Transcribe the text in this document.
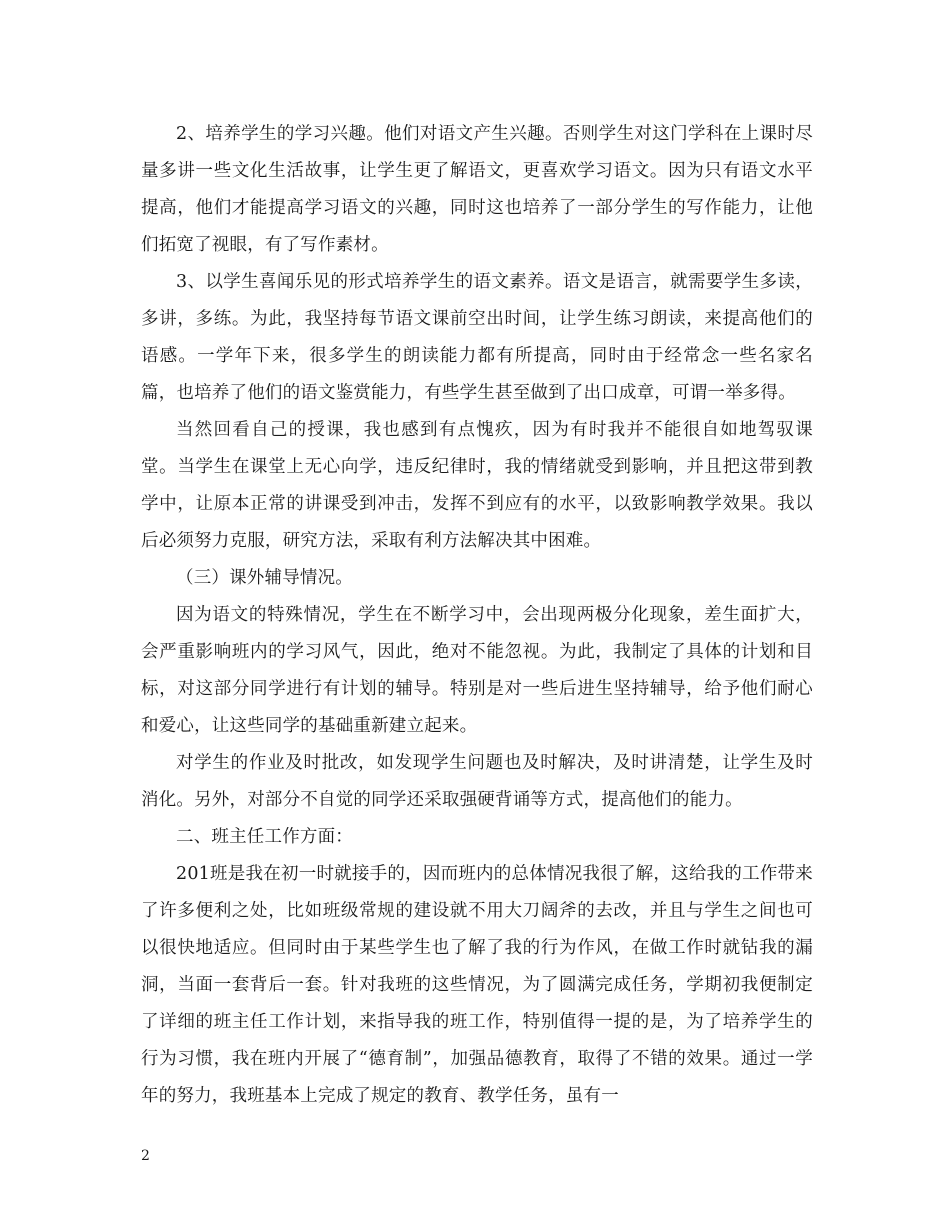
2、培养学生的学习兴趣。他们对语文产生兴趣。否则学生对这门学科在上课时尽量多讲一些文化生活故事，让学生更了解语文，更喜欢学习语文。因为只有语文水平提高，他们才能提高学习语文的兴趣，同时这也培养了一部分学生的写作能力，让他们拓宽了视眼，有了写作素材。

3、以学生喜闻乐见的形式培养学生的语文素养。语文是语言，就需要学生多读，多讲，多练。为此，我坚持每节语文课前空出时间，让学生练习朗读，来提高他们的语感。一学年下来，很多学生的朗读能力都有所提高，同时由于经常念一些名家名篇，也培养了他们的语文鉴赏能力，有些学生甚至做到了出口成章，可谓一举多得。

当然回看自己的授课，我也感到有点愧疚，因为有时我并不能很自如地驾驭课堂。当学生在课堂上无心向学，违反纪律时，我的情绪就受到影响，并且把这带到教学中，让原本正常的讲课受到冲击，发挥不到应有的水平，以致影响教学效果。我以后必须努力克服，研究方法，采取有利方法解决其中困难。

（三）课外辅导情况。

因为语文的特殊情况，学生在不断学习中，会出现两极分化现象，差生面扩大，会严重影响班内的学习风气，因此，绝对不能忽视。为此，我制定了具体的计划和目标，对这部分同学进行有计划的辅导。特别是对一些后进生坚持辅导，给予他们耐心和爱心，让这些同学的基础重新建立起来。

对学生的作业及时批改，如发现学生问题也及时解决，及时讲清楚，让学生及时消化。另外，对部分不自觉的同学还采取强硬背诵等方式，提高他们的能力。

二、班主任工作方面：

201班是我在初一时就接手的，因而班内的总体情况我很了解，这给我的工作带来了许多便利之处，比如班级常规的建设就不用大刀阔斧的去改，并且与学生之间也可以很快地适应。但同时由于某些学生也了解了我的行为作风，在做工作时就钻我的漏洞，当面一套背后一套。针对我班的这些情况，为了圆满完成任务，学期初我便制定了详细的班主任工作计划，来指导我的班工作，特别值得一提的是，为了培养学生的行为习惯，我在班内开展了“德育制”，加强品德教育，取得了不错的效果。通过一学年的努力，我班基本上完成了规定的教育、教学任务，虽有一

2
